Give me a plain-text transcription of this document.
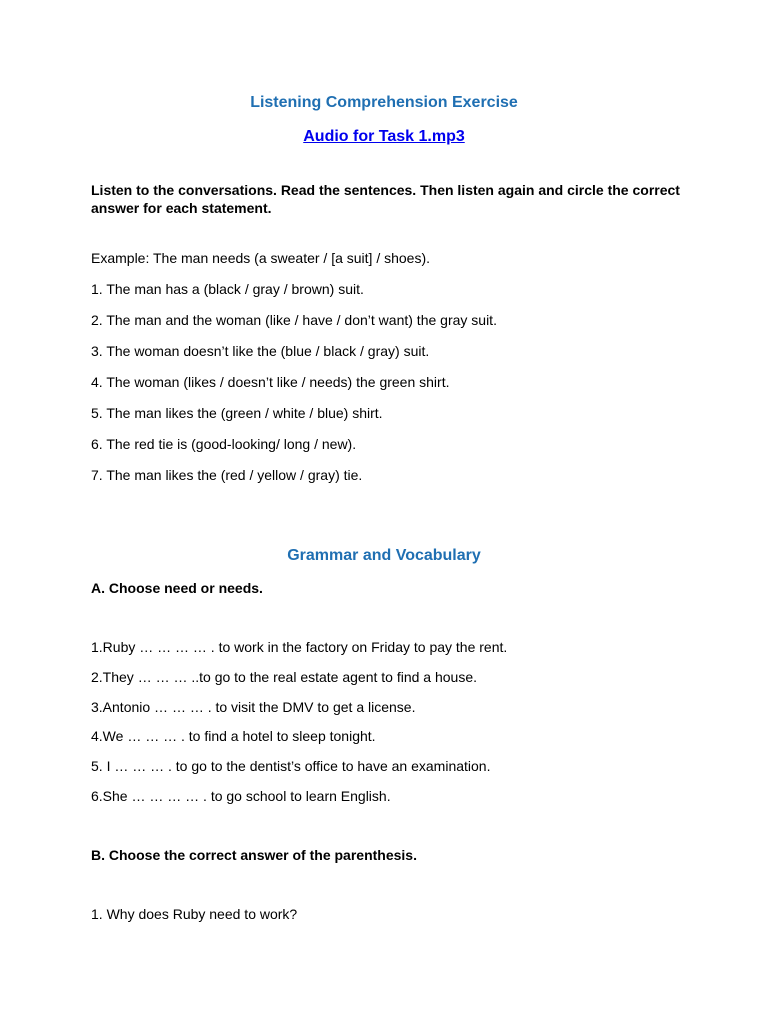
Listening Comprehension Exercise
Audio for Task 1.mp3
Listen to the conversations. Read the sentences. Then listen again and circle the correct answer for each statement.
Example: The man needs (a sweater / [a suit] / shoes).
1. The man has a (black / gray / brown) suit.
2. The man and the woman (like / have / don’t want) the gray suit.
3. The woman doesn’t like the (blue / black / gray) suit.
4. The woman (likes / doesn’t like / needs) the green shirt.
5. The man likes the (green / white / blue) shirt.
6. The red tie is (good-looking/ long / new).
7. The man likes the (red / yellow / gray) tie.
Grammar and Vocabulary
A. Choose need or needs.
1.Ruby … … … … . to work in the factory on Friday to pay the rent.
2.They … … … ..to go to the real estate agent to find a house.
3.Antonio … … … . to visit the DMV to get a license.
4.We … … … . to find a hotel to sleep tonight.
5. I … … … . to go to the dentist’s office to have an examination.
6.She … … … … . to go school to learn English.
B. Choose the correct answer of the parenthesis.
1. Why does Ruby need to work?
